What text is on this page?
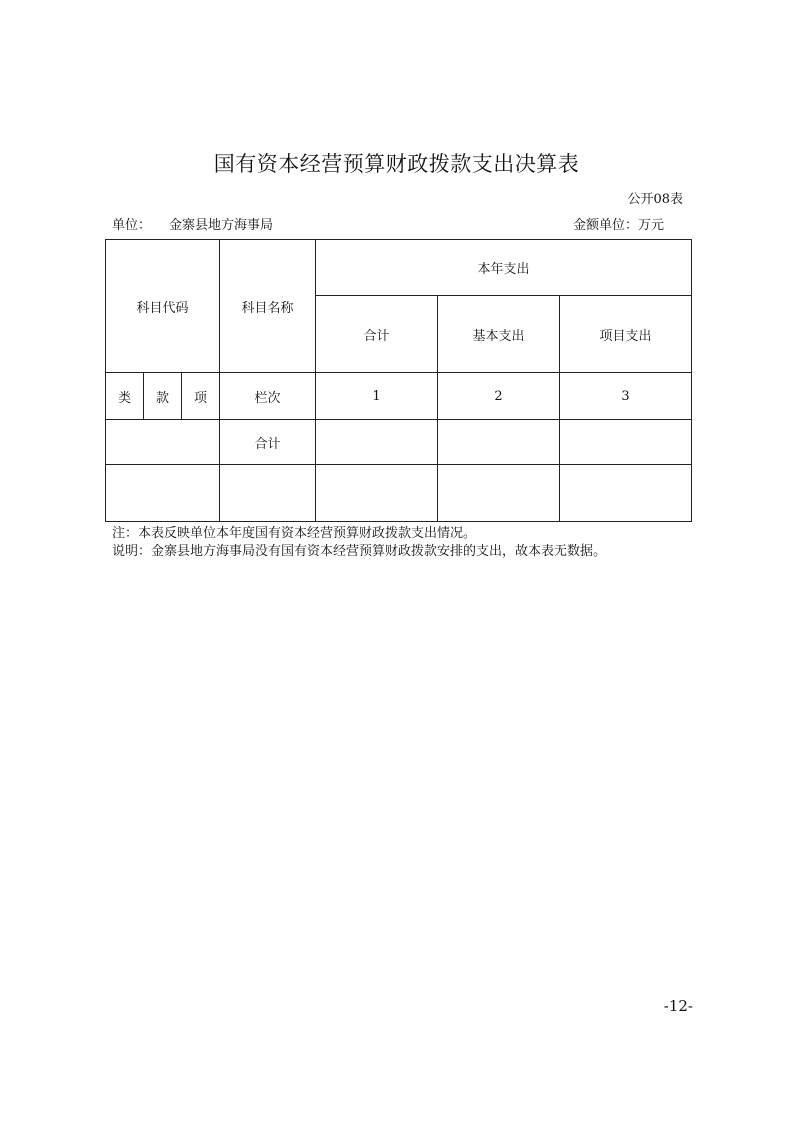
国有资本经营预算财政拨款支出决算表
公开08表
单位： 金寨县地方海事局	金额单位：万元
科目代码			科目名称	本年支出		
				合计	基本支出	项目支出
类	款	项	栏次	1	2	3
			合计			

注：本表反映单位本年度国有资本经营预算财政拨款支出情况。
说明：金寨县地方海事局没有国有资本经营预算财政拨款安排的支出，故本表无数据。
-12-
